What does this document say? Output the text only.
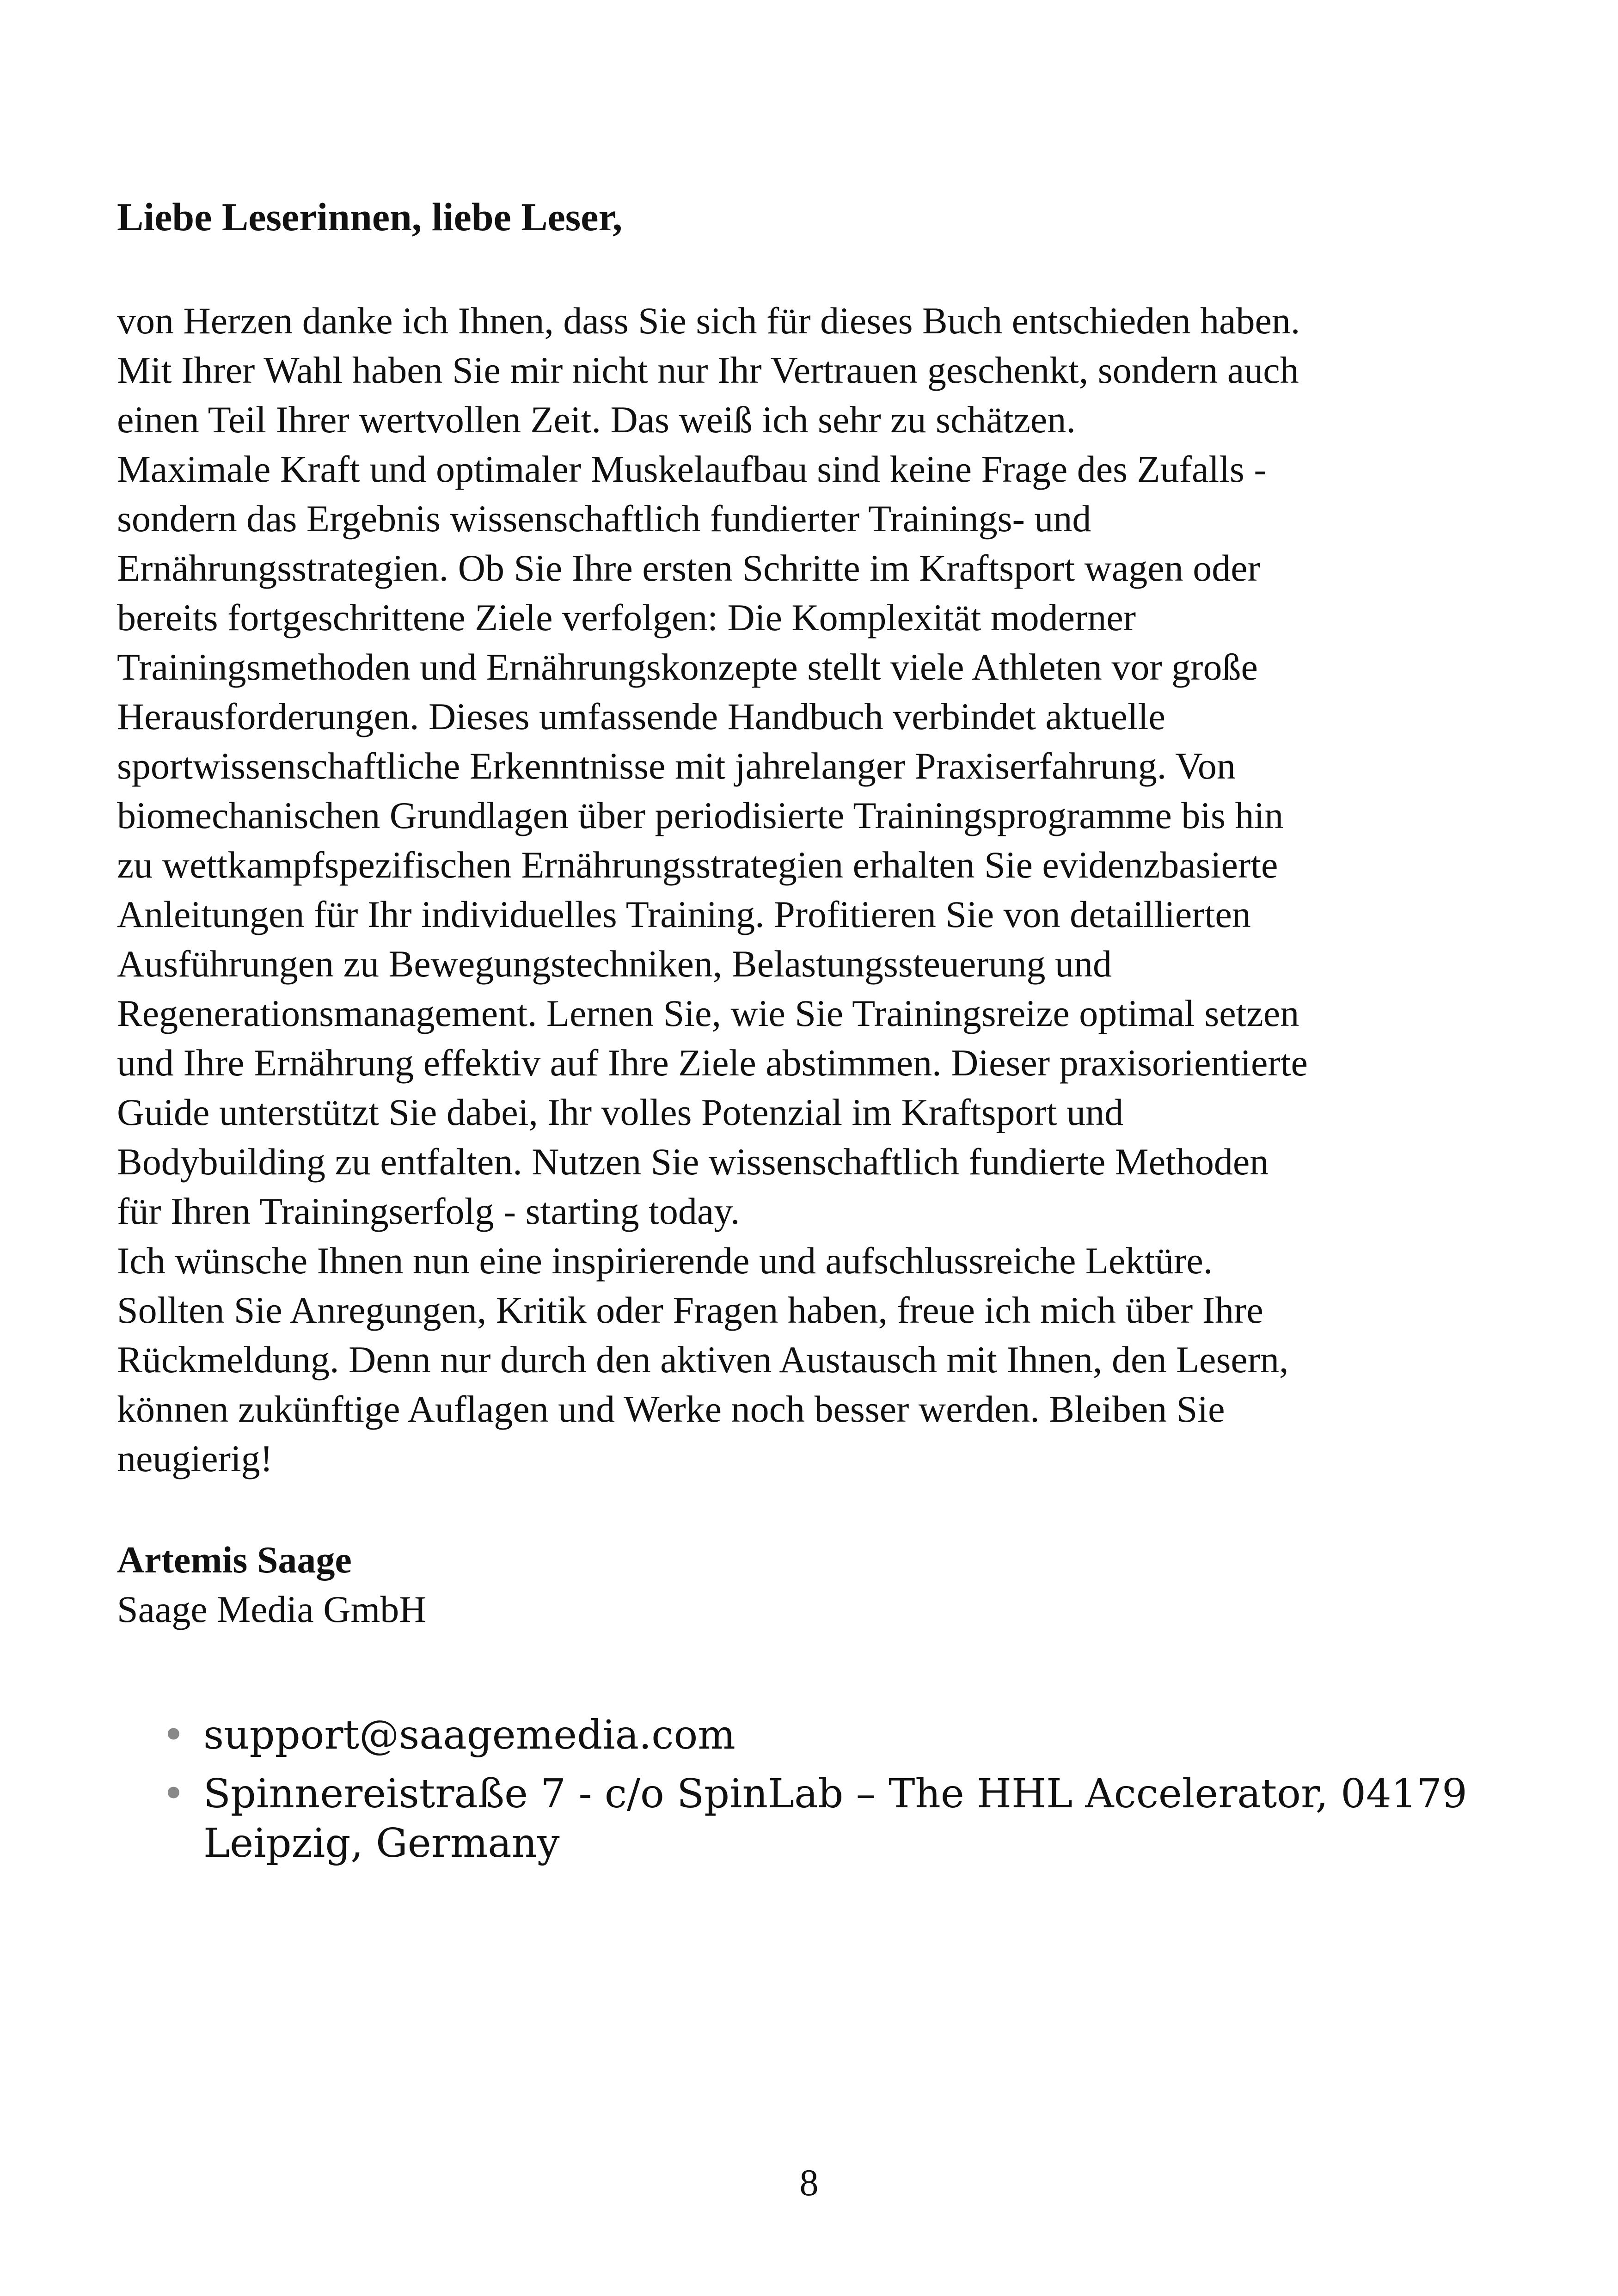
Liebe Leserinnen, liebe Leser,

von Herzen danke ich Ihnen, dass Sie sich für dieses Buch entschieden haben.
Mit Ihrer Wahl haben Sie mir nicht nur Ihr Vertrauen geschenkt, sondern auch
einen Teil Ihrer wertvollen Zeit. Das weiß ich sehr zu schätzen.
Maximale Kraft und optimaler Muskelaufbau sind keine Frage des Zufalls -
sondern das Ergebnis wissenschaftlich fundierter Trainings- und
Ernährungsstrategien. Ob Sie Ihre ersten Schritte im Kraftsport wagen oder
bereits fortgeschrittene Ziele verfolgen: Die Komplexität moderner
Trainingsmethoden und Ernährungskonzepte stellt viele Athleten vor große
Herausforderungen. Dieses umfassende Handbuch verbindet aktuelle
sportwissenschaftliche Erkenntnisse mit jahrelanger Praxiserfahrung. Von
biomechanischen Grundlagen über periodisierte Trainingsprogramme bis hin
zu wettkampfspezifischen Ernährungsstrategien erhalten Sie evidenzbasierte
Anleitungen für Ihr individuelles Training. Profitieren Sie von detaillierten
Ausführungen zu Bewegungstechniken, Belastungssteuerung und
Regenerationsmanagement. Lernen Sie, wie Sie Trainingsreize optimal setzen
und Ihre Ernährung effektiv auf Ihre Ziele abstimmen. Dieser praxisorientierte
Guide unterstützt Sie dabei, Ihr volles Potenzial im Kraftsport und
Bodybuilding zu entfalten. Nutzen Sie wissenschaftlich fundierte Methoden
für Ihren Trainingserfolg - starting today.
Ich wünsche Ihnen nun eine inspirierende und aufschlussreiche Lektüre.
Sollten Sie Anregungen, Kritik oder Fragen haben, freue ich mich über Ihre
Rückmeldung. Denn nur durch den aktiven Austausch mit Ihnen, den Lesern,
können zukünftige Auflagen und Werke noch besser werden. Bleiben Sie
neugierig!

Artemis Saage
Saage Media GmbH
• support@saagemedia.com
• Spinnereistraße 7 - c/o SpinLab – The HHL Accelerator, 04179
Leipzig, Germany
8
